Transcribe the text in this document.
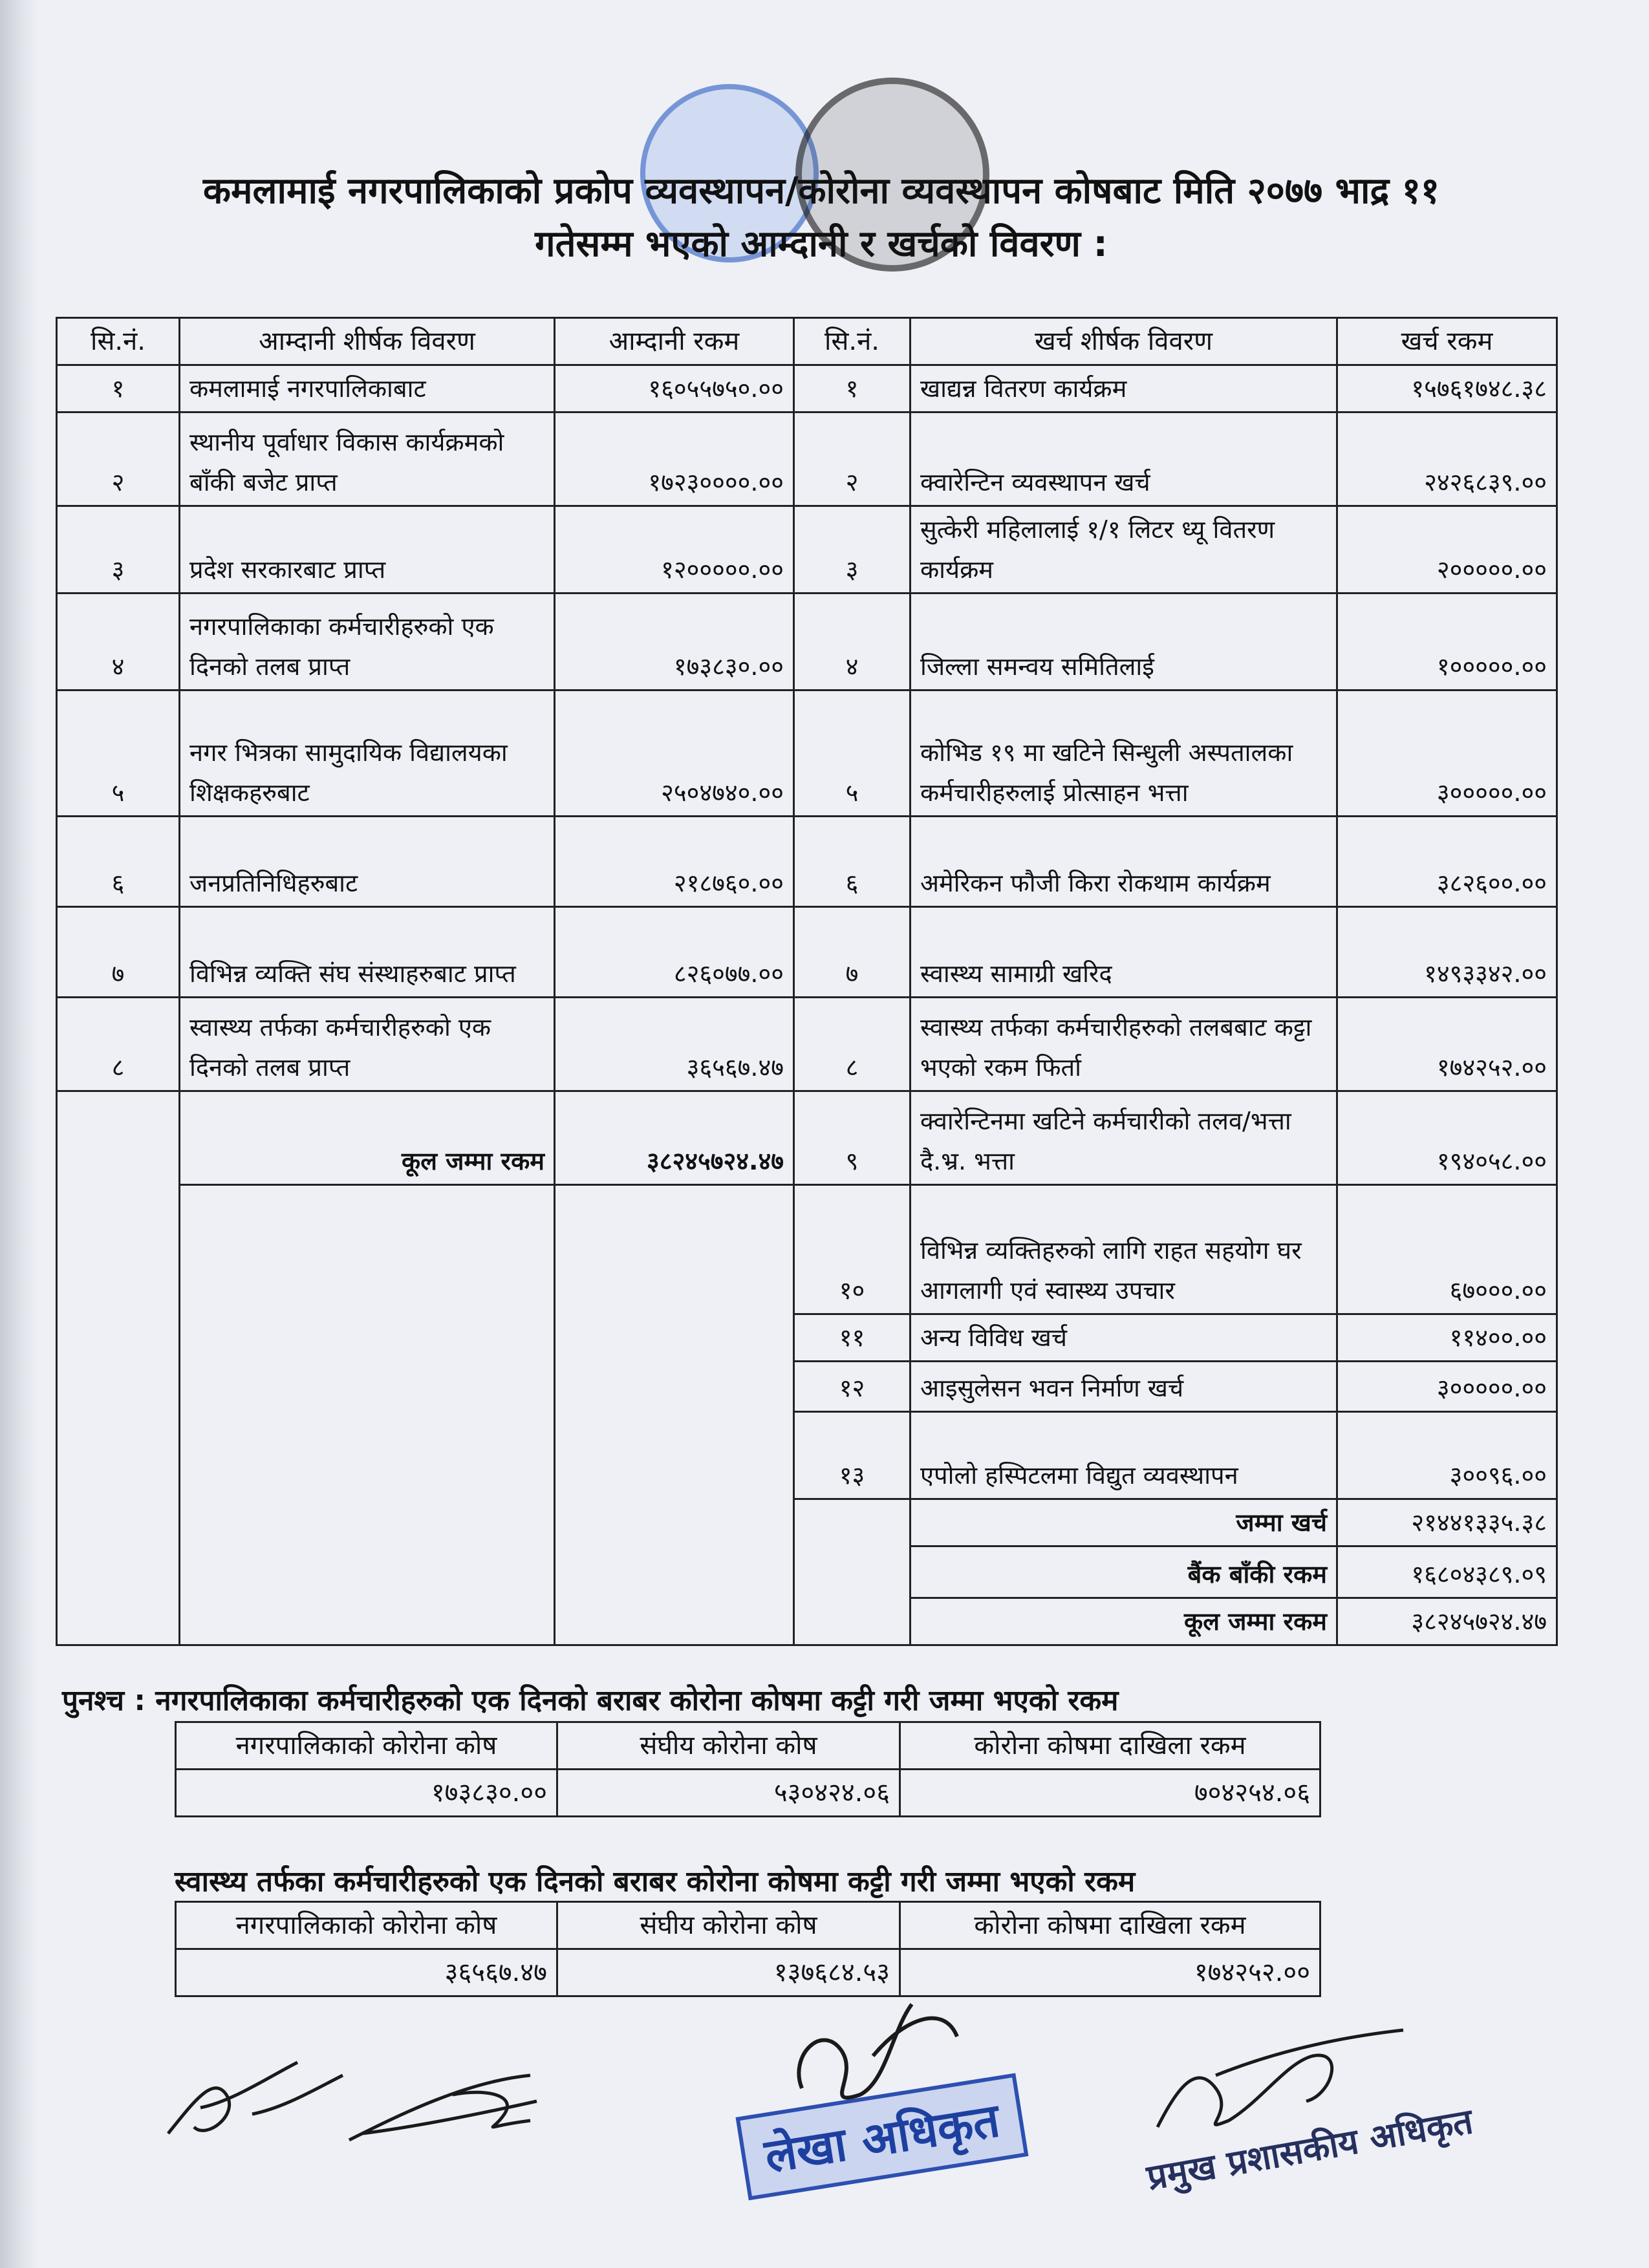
कमलामाई नगरपालिकाको प्रकोप व्यवस्थापन/कोरोना व्यवस्थापन कोषबाट मिति २०७७ भाद्र ११
गतेसम्म भएको आम्दानी र खर्चको विवरण :
सि.नं.	आम्दानी शीर्षक विवरण	आम्दानी रकम	सि.नं.	खर्च शीर्षक विवरण	खर्च रकम
१	कमलामाई नगरपालिकाबाट	१६०५५७५०.००	१	खाद्यन्न वितरण कार्यक्रम	१५७६१७४८.३८
२	स्थानीय पूर्वाधार विकास कार्यक्रमको बाँकी बजेट प्राप्त	१७२३००००.००	२	क्वारेन्टिन व्यवस्थापन खर्च	२४२६८३९.००
३	प्रदेश सरकारबाट प्राप्त	१२०००००.००	३	सुत्केरी महिलालाई १/१ लिटर ध्यू वितरण कार्यक्रम	२०००००.००
४	नगरपालिकाका कर्मचारीहरुको एक दिनको तलब प्राप्त	१७३८३०.००	४	जिल्ला समन्वय समितिलाई	१०००००.००
५	नगर भित्रका सामुदायिक विद्यालयका शिक्षकहरुबाट	२५०४७४०.००	५	कोभिड १९ मा खटिने सिन्धुली अस्पतालका कर्मचारीहरुलाई प्रोत्साहन भत्ता	३०००००.००
६	जनप्रतिनिधिहरुबाट	२१८७६०.००	६	अमेरिकन फौजी किरा रोकथाम कार्यक्रम	३८२६००.००
७	विभिन्न व्यक्ति संघ संस्थाहरुबाट प्राप्त	८२६०७७.००	७	स्वास्थ्य सामाग्री खरिद	१४९३३४२.००
८	स्वास्थ्य तर्फका कर्मचारीहरुको एक दिनको तलब प्राप्त	३६५६७.४७	८	स्वास्थ्य तर्फका कर्मचारीहरुको तलबबाट कट्टा भएको रकम फिर्ता	१७४२५२.००
	कूल जम्मा रकम	३८२४५७२४.४७	९	क्वारेन्टिनमा खटिने कर्मचारीको तलव/भत्ता दै.भ्र. भत्ता	१९४०५८.००
			१०	विभिन्न व्यक्तिहरुको लागि राहत सहयोग घर आगलागी एवं स्वास्थ्य उपचार	६७०००.००
			११	अन्य विविध खर्च	११४००.००
			१२	आइसुलेसन भवन निर्माण खर्च	३०००००.००
			१३	एपोलो हस्पिटलमा विद्युत व्यवस्थापन	३००९६.००
				जम्मा खर्च	२१४४१३३५.३८
				बैंक बाँकी रकम	१६८०४३८९.०९
				कूल जम्मा रकम	३८२४५७२४.४७
पुनश्च : नगरपालिकाका कर्मचारीहरुको एक दिनको बराबर कोरोना कोषमा कट्टी गरी जम्मा भएको रकम
नगरपालिकाको कोरोना कोष	संघीय कोरोना कोष	कोरोना कोषमा दाखिला रकम
१७३८३०.००	५३०४२४.०६	७०४२५४.०६
स्वास्थ्य तर्फका कर्मचारीहरुको एक दिनको बराबर कोरोना कोषमा कट्टी गरी जम्मा भएको रकम
नगरपालिकाको कोरोना कोष	संघीय कोरोना कोष	कोरोना कोषमा दाखिला रकम
३६५६७.४७	१३७६८४.५३	१७४२५२.००
लेखा अधिकृत	प्रमुख प्रशासकीय अधिकृत
